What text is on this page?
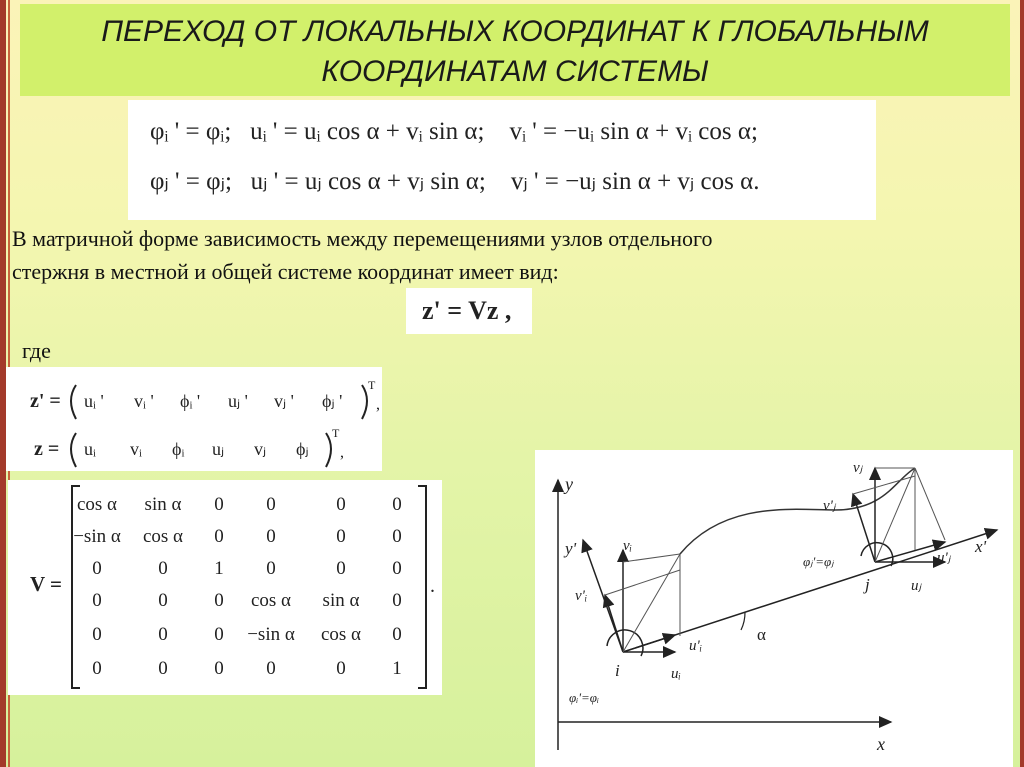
ПЕРЕХОД ОТ ЛОКАЛЬНЫХ КООРДИНАТ К ГЛОБАЛЬНЫМ
КООРДИНАТАМ СИСТЕМЫ
φᵢ ' = φᵢ;   uᵢ ' = uᵢ cos α + vᵢ sin α;    vᵢ ' = −uᵢ sin α + vᵢ cos α;
φⱼ ' = φⱼ;   uⱼ ' = uⱼ cos α + vⱼ sin α;    vⱼ ' = −uⱼ sin α + vⱼ cos α.
В матричной форме зависимость между перемещениями узлов отдельного
стержня в местной и общей системе координат имеет вид:
z' = Vz ,
где
z' = uᵢ ' vᵢ ' ϕᵢ ' uⱼ ' vⱼ ' ϕⱼ '
T
,
z = uᵢ vᵢ ϕᵢ uⱼ vⱼ ϕⱼ
T
,
V =	.
cos α	sin α	0	0	0	0
−sin α	cos α	0	0	0	0
0	0	1	0	0	0
0	0	0	cos α	sin α	0
0	0	0	−sin α	cos α	0
0	0	0	0	0	1
y
x
x'
y'	vᵢ
v'ᵢ
uᵢ
u'ᵢ
i
φᵢ'=φᵢ
α
vⱼ
v'ⱼ
uⱼ
u'ⱼ
j
φⱼ'=φⱼ
